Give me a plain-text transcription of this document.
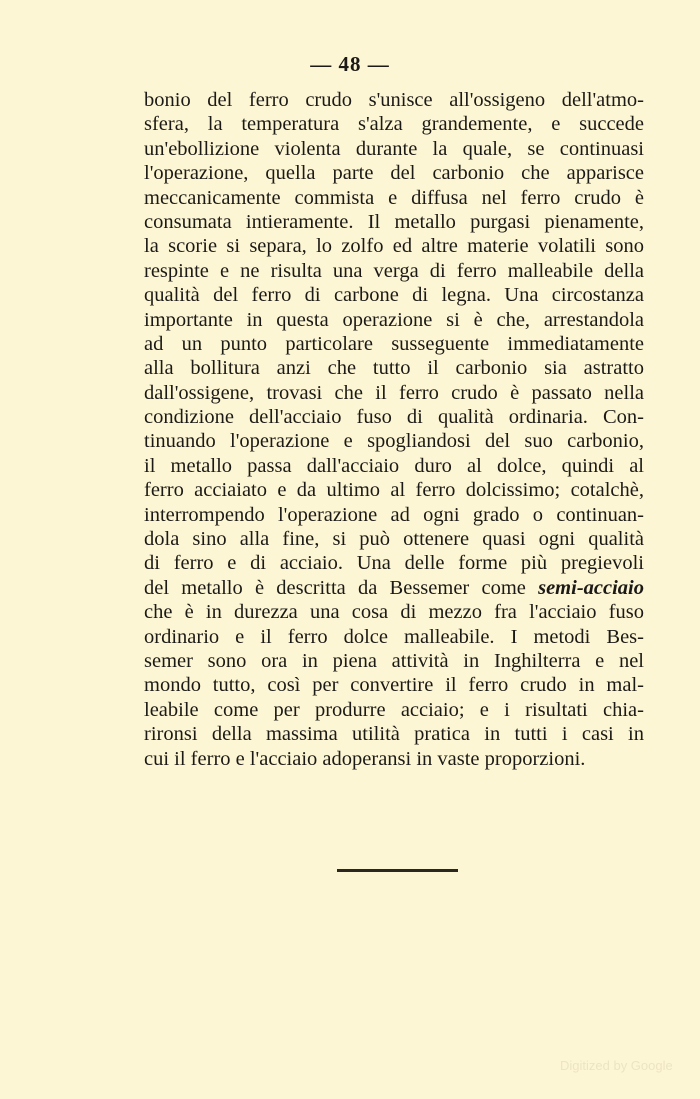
— 48 —
bonio del ferro crudo s'unisce all'ossigeno dell'atmo-
sfera, la temperatura s'alza grandemente, e succede
un'ebollizione violenta durante la quale, se continuasi
l'operazione, quella parte del carbonio che apparisce
meccanicamente commista e diffusa nel ferro crudo è
consumata intieramente. Il metallo purgasi pienamente,
la scorie si separa, lo zolfo ed altre materie volatili sono
respinte e ne risulta una verga di ferro malleabile della
qualità del ferro di carbone di legna. Una circostanza
importante in questa operazione si è che, arrestandola
ad un punto particolare susseguente immediatamente
alla bollitura anzi che tutto il carbonio sia astratto
dall'ossigene, trovasi che il ferro crudo è passato nella
condizione dell'acciaio fuso di qualità ordinaria. Con-
tinuando l'operazione e spogliandosi del suo carbonio,
il metallo passa dall'acciaio duro al dolce, quindi al
ferro acciaiato e da ultimo al ferro dolcissimo; cotalchè,
interrompendo l'operazione ad ogni grado o continuan-
dola sino alla fine, si può ottenere quasi ogni qualità
di ferro e di acciaio. Una delle forme più pregievoli
del metallo è descritta da Bessemer come semi-acciaio
che è in durezza una cosa di mezzo fra l'acciaio fuso
ordinario e il ferro dolce malleabile. I metodi Bes-
semer sono ora in piena attività in Inghilterra e nel
mondo tutto, così per convertire il ferro crudo in mal-
leabile come per produrre acciaio; e i risultati chia-
rironsi della massima utilità pratica in tutti i casi in
cui il ferro e l'acciaio adoperansi in vaste proporzioni.
Digitized by Google
